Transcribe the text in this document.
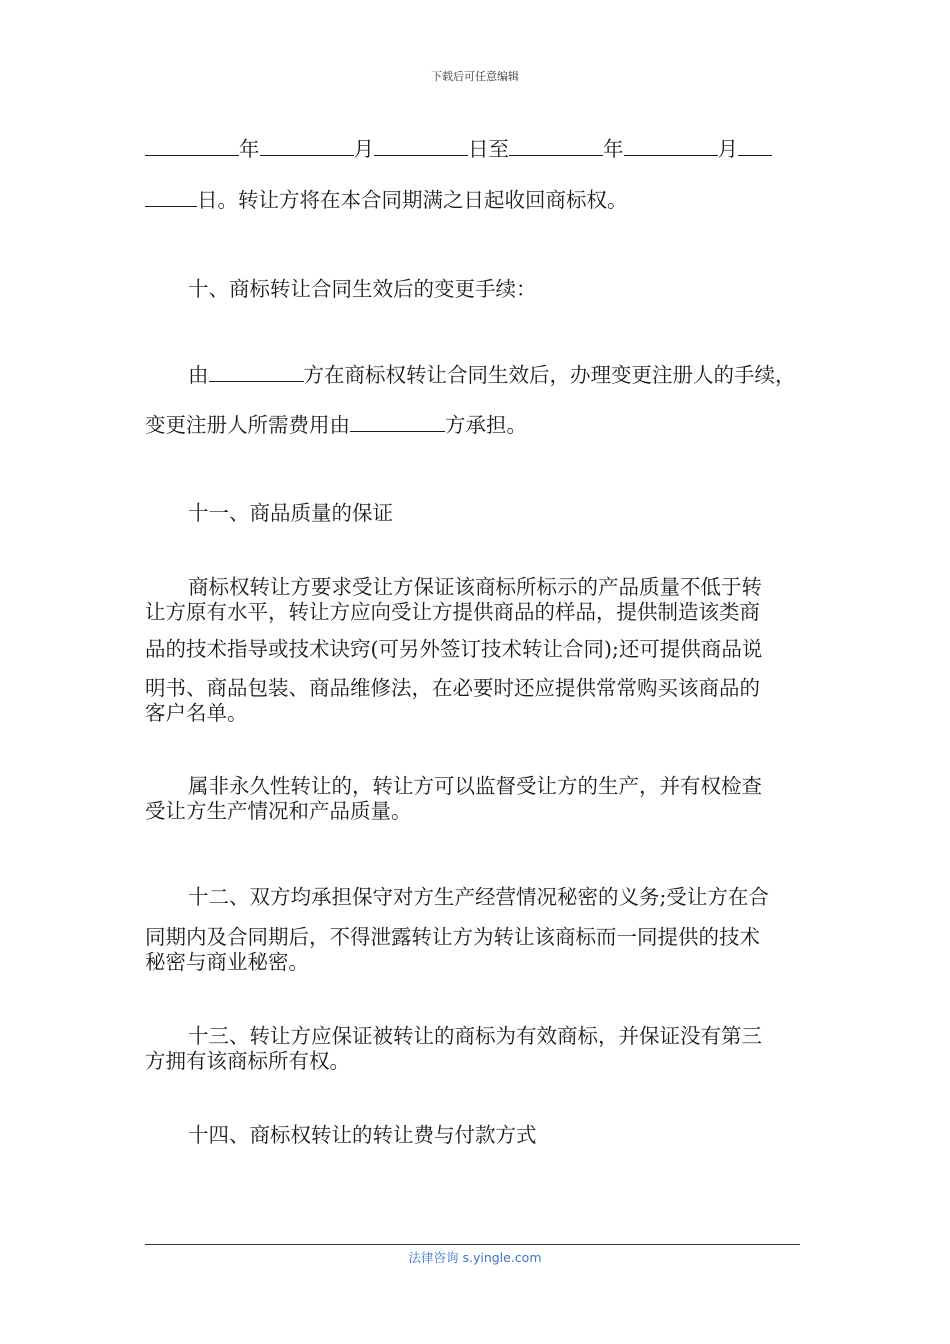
下载后可任意编辑
年	月	日至	年	月
日。转让方将在本合同期满之日起收回商标权。
十、商标转让合同生效后的变更手续：
由	方在商标权转让合同生效后，办理变更注册人的手续，
变更注册人所需费用由	方承担。
十一、商品质量的保证
商标权转让方要求受让方保证该商标所标示的产品质量不低于转
让方原有水平，转让方应向受让方提供商品的样品，提供制造该类商
品的技术指导或技术诀窍(可另外签订技术转让合同);还可提供商品说
明书、商品包装、商品维修法，在必要时还应提供常常购买该商品的
客户名单。
属非永久性转让的，转让方可以监督受让方的生产，并有权检查
受让方生产情况和产品质量。
十二、双方均承担保守对方生产经营情况秘密的义务;受让方在合
同期内及合同期后，不得泄露转让方为转让该商标而一同提供的技术
秘密与商业秘密。
十三、转让方应保证被转让的商标为有效商标，并保证没有第三
方拥有该商标所有权。
十四、商标权转让的转让费与付款方式
法律咨询 s.yingle.com
